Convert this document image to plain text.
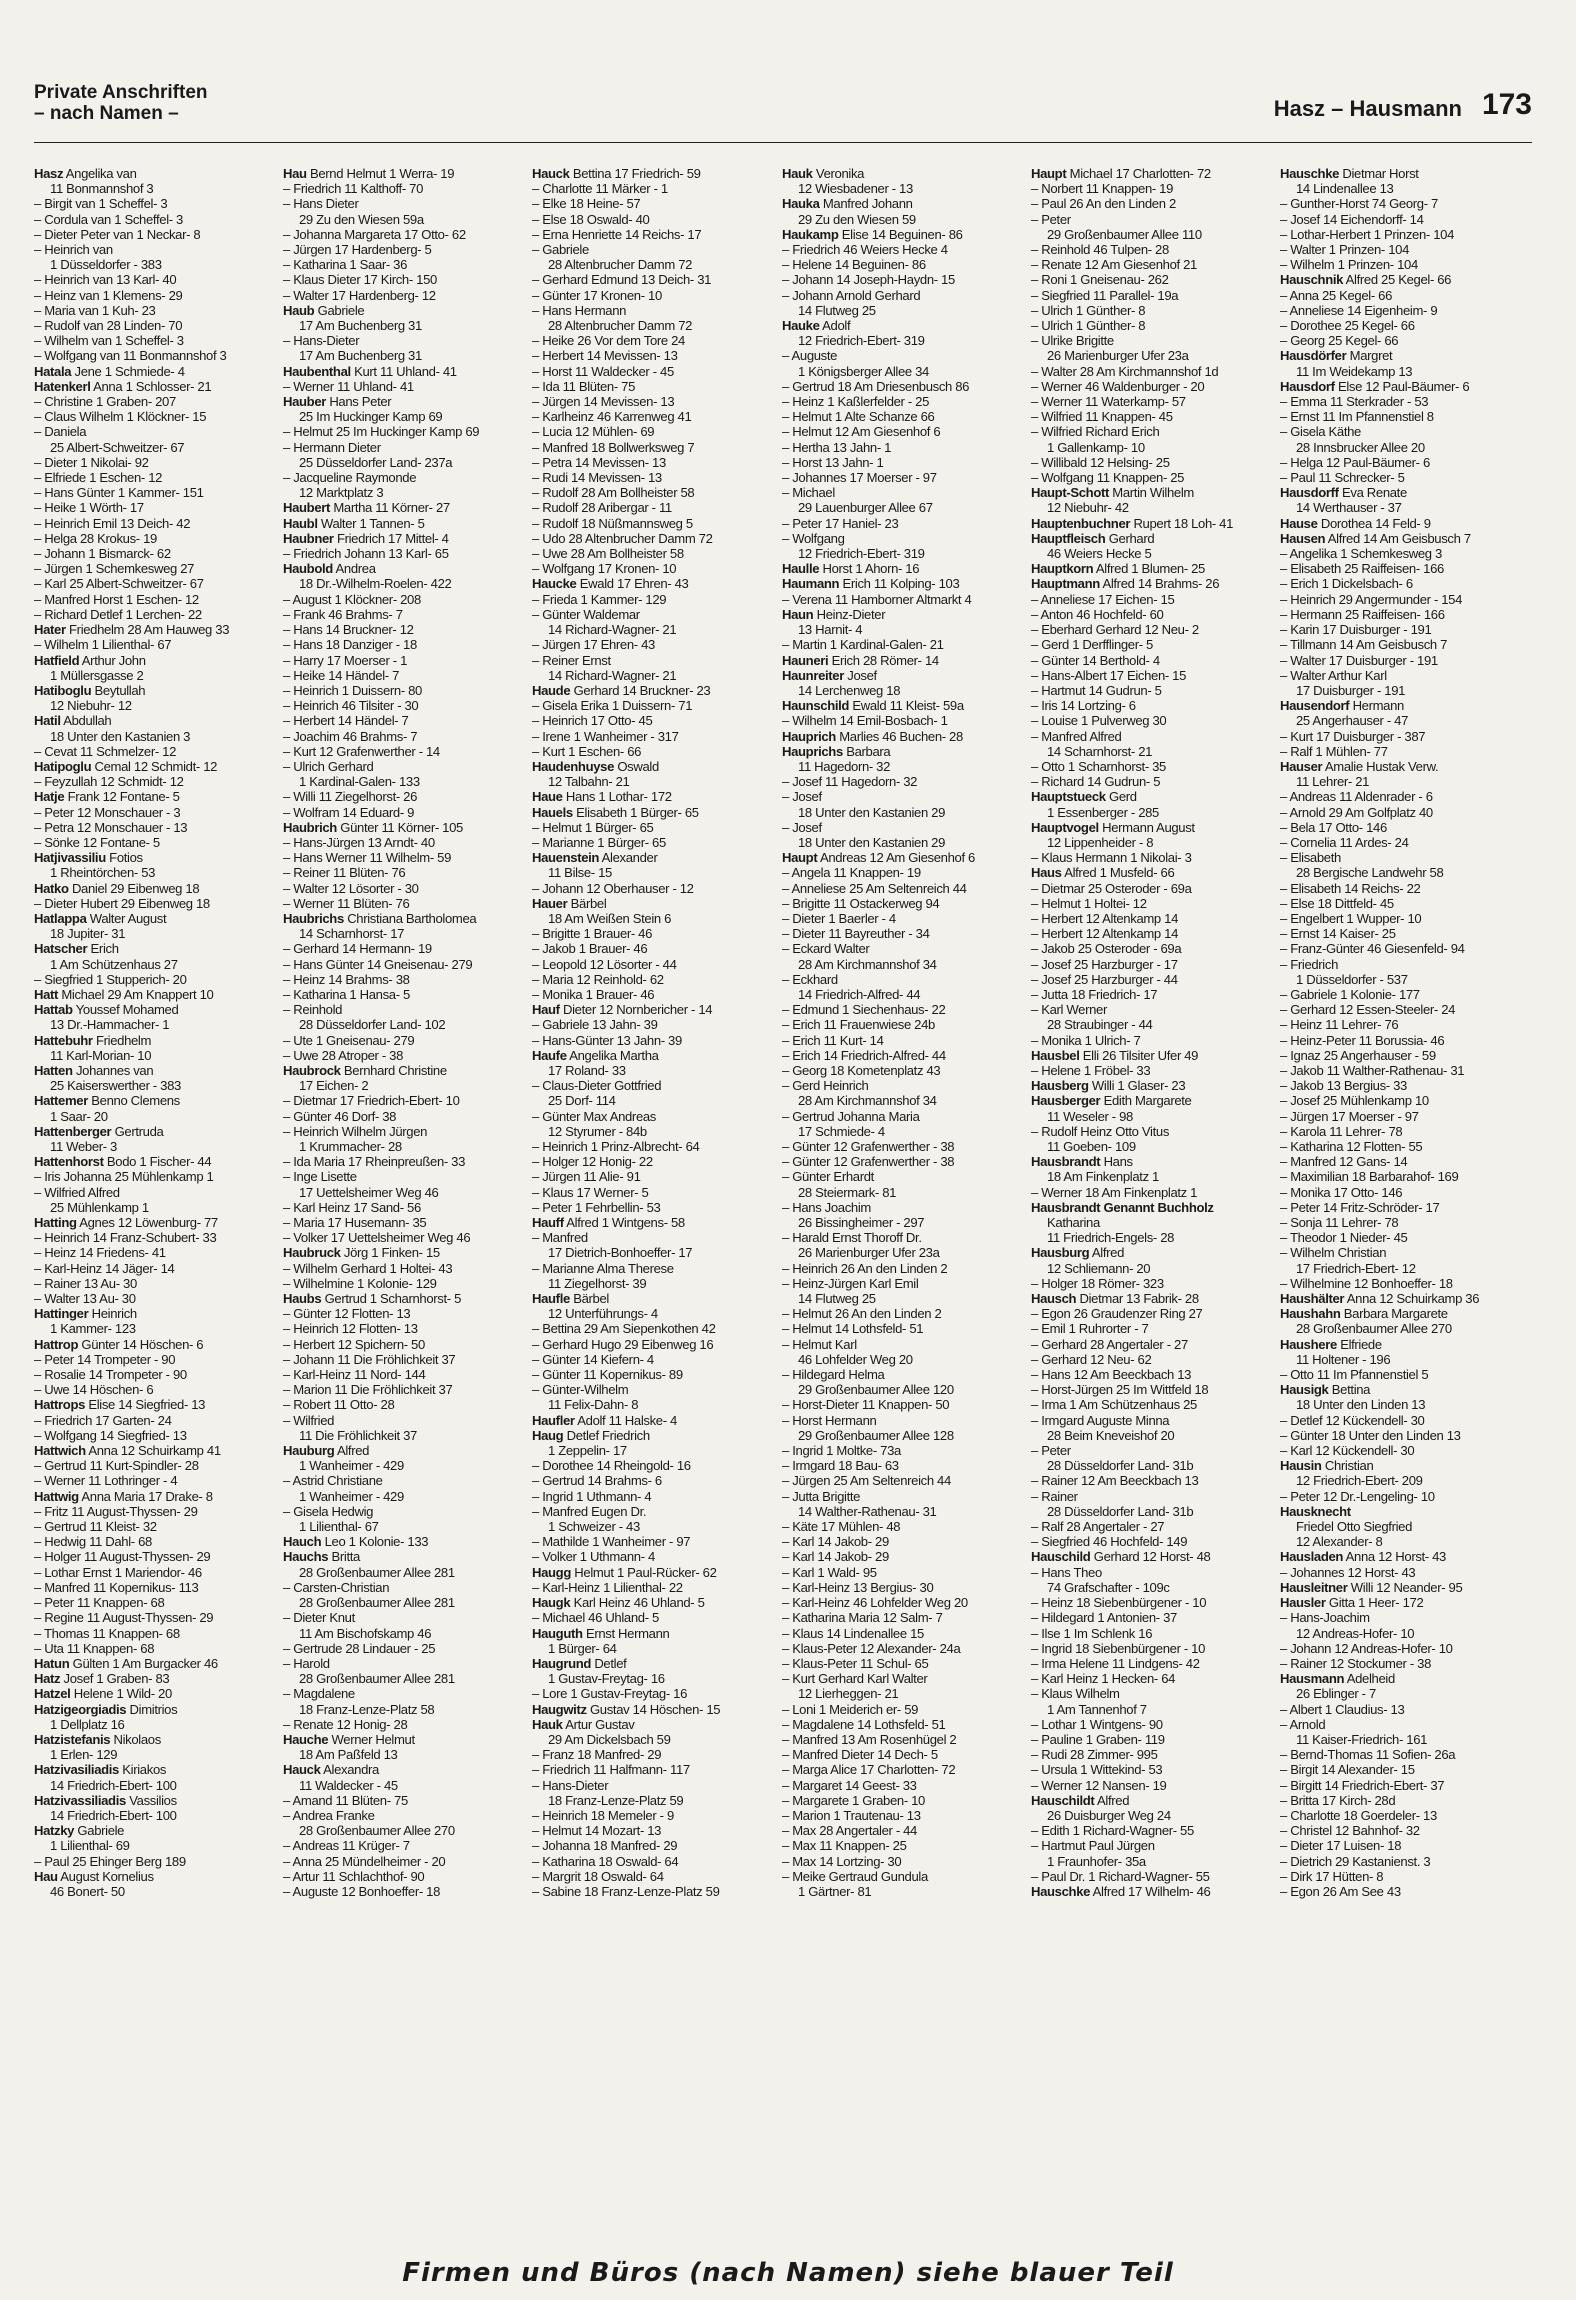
Private Anschriften
– nach Namen –	Hasz – Hausmann 173
Hasz Angelika van
11 Bonmannshof 3
– Birgit van 1 Scheffel- 3
– Cordula van 1 Scheffel- 3
– Dieter Peter van 1 Neckar- 8
– Heinrich van
1 Düsseldorfer - 383
– Heinrich van 13 Karl- 40
– Heinz van 1 Klemens- 29
– Maria van 1 Kuh- 23
– Rudolf van 28 Linden- 70
– Wilhelm van 1 Scheffel- 3
– Wolfgang van 11 Bonmannshof 3
Hatala Jene 1 Schmiede- 4
Hatenkerl Anna 1 Schlosser- 21
– Christine 1 Graben- 207
– Claus Wilhelm 1 Klöckner- 15
– Daniela
25 Albert-Schweitzer- 67
– Dieter 1 Nikolai- 92
– Elfriede 1 Eschen- 12
– Hans Günter 1 Kammer- 151
– Heike 1 Wörth- 17
– Heinrich Emil 13 Deich- 42
– Helga 28 Krokus- 19
– Johann 1 Bismarck- 62
– Jürgen 1 Schemkesweg 27
– Karl 25 Albert-Schweitzer- 67
– Manfred Horst 1 Eschen- 12
– Richard Detlef 1 Lerchen- 22
Hater Friedhelm 28 Am Hauweg 33
– Wilhelm 1 Lilienthal- 67
Hatfield Arthur John
1 Müllersgasse 2
Hatiboglu Beytullah
12 Niebuhr- 12
Hatil Abdullah
18 Unter den Kastanien 3
– Cevat 11 Schmelzer- 12
Hatipoglu Cemal 12 Schmidt- 12
– Feyzullah 12 Schmidt- 12
Hatje Frank 12 Fontane- 5
– Peter 12 Monschauer - 3
– Petra 12 Monschauer - 13
– Sönke 12 Fontane- 5
Hatjivassiliu Fotios
1 Rheintörchen- 53
Hatko Daniel 29 Eibenweg 18
– Dieter Hubert 29 Eibenweg 18
Hatlappa Walter August
18 Jupiter- 31
Hatscher Erich
1 Am Schützenhaus 27
– Siegfried 1 Stupperich- 20
Hatt Michael 29 Am Knappert 10
Hattab Youssef Mohamed
13 Dr.-Hammacher- 1
Hattebuhr Friedhelm
11 Karl-Morian- 10
Hatten Johannes van
25 Kaiserswerther - 383
Hattemer Benno Clemens
1 Saar- 20
Hattenberger Gertruda
11 Weber- 3
Hattenhorst Bodo 1 Fischer- 44
– Iris Johanna 25 Mühlenkamp 1
– Wilfried Alfred
25 Mühlenkamp 1
Hatting Agnes 12 Löwenburg- 77
– Heinrich 14 Franz-Schubert- 33
– Heinz 14 Friedens- 41
– Karl-Heinz 14 Jäger- 14
– Rainer 13 Au- 30
– Walter 13 Au- 30
Hattinger Heinrich
1 Kammer- 123
Hattrop Günter 14 Höschen- 6
– Peter 14 Trompeter - 90
– Rosalie 14 Trompeter - 90
– Uwe 14 Höschen- 6
Hattrops Elise 14 Siegfried- 13
– Friedrich 17 Garten- 24
– Wolfgang 14 Siegfried- 13
Hattwich Anna 12 Schuirkamp 41
– Gertrud 11 Kurt-Spindler- 28
– Werner 11 Lothringer - 4
Hattwig Anna Maria 17 Drake- 8
– Fritz 11 August-Thyssen- 29
– Gertrud 11 Kleist- 32
– Hedwig 11 Dahl- 68
– Holger 11 August-Thyssen- 29
– Lothar Ernst 1 Mariendor- 46
– Manfred 11 Kopernikus- 113
– Peter 11 Knappen- 68
– Regine 11 August-Thyssen- 29
– Thomas 11 Knappen- 68
– Uta 11 Knappen- 68
Hatun Gülten 1 Am Burgacker 46
Hatz Josef 1 Graben- 83
Hatzel Helene 1 Wild- 20
Hatzigeorgiadis Dimitrios
1 Dellplatz 16
Hatzistefanis Nikolaos
1 Erlen- 129
Hatzivasiliadis Kiriakos
14 Friedrich-Ebert- 100
Hatzivassiliadis Vassilios
14 Friedrich-Ebert- 100
Hatzky Gabriele
1 Lilienthal- 69
– Paul 25 Ehinger Berg 189
Hau August Kornelius
46 Bonert- 50
Hau Bernd Helmut 1 Werra- 19
– Friedrich 11 Kalthoff- 70
– Hans Dieter
29 Zu den Wiesen 59a
– Johanna Margareta 17 Otto- 62
– Jürgen 17 Hardenberg- 5
– Katharina 1 Saar- 36
– Klaus Dieter 17 Kirch- 150
– Walter 17 Hardenberg- 12
Haub Gabriele
17 Am Buchenberg 31
– Hans-Dieter
17 Am Buchenberg 31
Haubenthal Kurt 11 Uhland- 41
– Werner 11 Uhland- 41
Hauber Hans Peter
25 Im Huckinger Kamp 69
– Helmut 25 Im Huckinger Kamp 69
– Hermann Dieter
25 Düsseldorfer Land- 237a
– Jacqueline Raymonde
12 Marktplatz 3
Haubert Martha 11 Körner- 27
Haubl Walter 1 Tannen- 5
Haubner Friedrich 17 Mittel- 4
– Friedrich Johann 13 Karl- 65
Haubold Andrea
18 Dr.-Wilhelm-Roelen- 422
– August 1 Klöckner- 208
– Frank 46 Brahms- 7
– Hans 14 Bruckner- 12
– Hans 18 Danziger - 18
– Harry 17 Moerser - 1
– Heike 14 Händel- 7
– Heinrich 1 Duissern- 80
– Heinrich 46 Tilsiter - 30
– Herbert 14 Händel- 7
– Joachim 46 Brahms- 7
– Kurt 12 Grafenwerther - 14
– Ulrich Gerhard
1 Kardinal-Galen- 133
– Willi 11 Ziegelhorst- 26
– Wolfram 14 Eduard- 9
Haubrich Günter 11 Körner- 105
– Hans-Jürgen 13 Arndt- 40
– Hans Werner 11 Wilhelm- 59
– Reiner 11 Blüten- 76
– Walter 12 Lösorter - 30
– Werner 11 Blüten- 76
Haubrichs Christiana Bartholomea
14 Scharnhorst- 17
– Gerhard 14 Hermann- 19
– Hans Günter 14 Gneisenau- 279
– Heinz 14 Brahms- 38
– Katharina 1 Hansa- 5
– Reinhold
28 Düsseldorfer Land- 102
– Ute 1 Gneisenau- 279
– Uwe 28 Atroper - 38
Haubrock Bernhard Christine
17 Eichen- 2
– Dietmar 17 Friedrich-Ebert- 10
– Günter 46 Dorf- 38
– Heinrich Wilhelm Jürgen
1 Krummacher- 28
– Ida Maria 17 Rheinpreußen- 33
– Inge Lisette
17 Uettelsheimer Weg 46
– Karl Heinz 17 Sand- 56
– Maria 17 Husemann- 35
– Volker 17 Uettelsheimer Weg 46
Haubruck Jörg 1 Finken- 15
– Wilhelm Gerhard 1 Holtei- 43
– Wilhelmine 1 Kolonie- 129
Haubs Gertrud 1 Scharnhorst- 5
– Günter 12 Flotten- 13
– Heinrich 12 Flotten- 13
– Herbert 12 Spichern- 50
– Johann 11 Die Fröhlichkeit 37
– Karl-Heinz 11 Nord- 144
– Marion 11 Die Fröhlichkeit 37
– Robert 11 Otto- 28
– Wilfried
11 Die Fröhlichkeit 37
Hauburg Alfred
1 Wanheimer - 429
– Astrid Christiane
1 Wanheimer - 429
– Gisela Hedwig
1 Lilienthal- 67
Hauch Leo 1 Kolonie- 133
Hauchs Britta
28 Großenbaumer Allee 281
– Carsten-Christian
28 Großenbaumer Allee 281
– Dieter Knut
11 Am Bischofskamp 46
– Gertrude 28 Lindauer - 25
– Harold
28 Großenbaumer Allee 281
– Magdalene
18 Franz-Lenze-Platz 58
– Renate 12 Honig- 28
Hauche Werner Helmut
18 Am Paßfeld 13
Hauck Alexandra
11 Waldecker - 45
– Amand 11 Blüten- 75
– Andrea Franke
28 Großenbaumer Allee 270
– Andreas 11 Krüger- 7
– Anna 25 Mündelheimer - 20
– Artur 11 Schlachthof- 90
– Auguste 12 Bonhoeffer- 18
Hauck Bettina 17 Friedrich- 59
– Charlotte 11 Märker - 1
– Elke 18 Heine- 57
– Else 18 Oswald- 40
– Erna Henriette 14 Reichs- 17
– Gabriele
28 Altenbrucher Damm 72
– Gerhard Edmund 13 Deich- 31
– Günter 17 Kronen- 10
– Hans Hermann
28 Altenbrucher Damm 72
– Heike 26 Vor dem Tore 24
– Herbert 14 Mevissen- 13
– Horst 11 Waldecker - 45
– Ida 11 Blüten- 75
– Jürgen 14 Mevissen- 13
– Karlheinz 46 Karrenweg 41
– Lucia 12 Mühlen- 69
– Manfred 18 Bollwerksweg 7
– Petra 14 Mevissen- 13
– Rudi 14 Mevissen- 13
– Rudolf 28 Am Bollheister 58
– Rudolf 28 Aribergar - 11
– Rudolf 18 Nüßmannsweg 5
– Udo 28 Altenbrucher Damm 72
– Uwe 28 Am Bollheister 58
– Wolfgang 17 Kronen- 10
Haucke Ewald 17 Ehren- 43
– Frieda 1 Kammer- 129
– Günter Waldemar
14 Richard-Wagner- 21
– Jürgen 17 Ehren- 43
– Reiner Ernst
14 Richard-Wagner- 21
Haude Gerhard 14 Bruckner- 23
– Gisela Erika 1 Duissern- 71
– Heinrich 17 Otto- 45
– Irene 1 Wanheimer - 317
– Kurt 1 Eschen- 66
Haudenhuyse Oswald
12 Talbahn- 21
Haue Hans 1 Lothar- 172
Hauels Elisabeth 1 Bürger- 65
– Helmut 1 Bürger- 65
– Marianne 1 Bürger- 65
Hauenstein Alexander
11 Bilse- 15
– Johann 12 Oberhauser - 12
Hauer Bärbel
18 Am Weißen Stein 6
– Brigitte 1 Brauer- 46
– Jakob 1 Brauer- 46
– Leopold 12 Lösorter - 44
– Maria 12 Reinhold- 62
– Monika 1 Brauer- 46
Hauf Dieter 12 Nornbericher - 14
– Gabriele 13 Jahn- 39
– Hans-Günter 13 Jahn- 39
Haufe Angelika Martha
17 Roland- 33
– Claus-Dieter Gottfried
25 Dorf- 114
– Günter Max Andreas
12 Styrumer - 84b
– Heinrich 1 Prinz-Albrecht- 64
– Holger 12 Honig- 22
– Jürgen 11 Alie- 91
– Klaus 17 Werner- 5
– Peter 1 Fehrbellin- 53
Hauff Alfred 1 Wintgens- 58
– Manfred
17 Dietrich-Bonhoeffer- 17
– Marianne Alma Therese
11 Ziegelhorst- 39
Haufle Bärbel
12 Unterführungs- 4
– Bettina 29 Am Siepenkothen 42
– Gerhard Hugo 29 Eibenweg 16
– Günter 14 Kiefern- 4
– Günter 11 Kopernikus- 89
– Günter-Wilhelm
11 Felix-Dahn- 8
Haufler Adolf 11 Halske- 4
Haug Detlef Friedrich
1 Zeppelin- 17
– Dorothee 14 Rheingold- 16
– Gertrud 14 Brahms- 6
– Ingrid 1 Uthmann- 4
– Manfred Eugen Dr.
1 Schweizer - 43
– Mathilde 1 Wanheimer - 97
– Volker 1 Uthmann- 4
Haugg Helmut 1 Paul-Rücker- 62
– Karl-Heinz 1 Lilienthal- 22
Haugk Karl Heinz 46 Uhland- 5
– Michael 46 Uhland- 5
Hauguth Ernst Hermann
1 Bürger- 64
Haugrund Detlef
1 Gustav-Freytag- 16
– Lore 1 Gustav-Freytag- 16
Haugwitz Gustav 14 Höschen- 15
Hauk Artur Gustav
29 Am Dickelsbach 59
– Franz 18 Manfred- 29
– Friedrich 11 Halfmann- 117
– Hans-Dieter
18 Franz-Lenze-Platz 59
– Heinrich 18 Memeler - 9
– Helmut 14 Mozart- 13
– Johanna 18 Manfred- 29
– Katharina 18 Oswald- 64
– Margrit 18 Oswald- 64
– Sabine 18 Franz-Lenze-Platz 59
Hauk Veronika
12 Wiesbadener - 13
Hauka Manfred Johann
29 Zu den Wiesen 59
Haukamp Elise 14 Beguinen- 86
– Friedrich 46 Weiers Hecke 4
– Helene 14 Beguinen- 86
– Johann 14 Joseph-Haydn- 15
– Johann Arnold Gerhard
14 Flutweg 25
Hauke Adolf
12 Friedrich-Ebert- 319
– Auguste
1 Königsberger Allee 34
– Gertrud 18 Am Driesenbusch 86
– Heinz 1 Kaßlerfelder - 25
– Helmut 1 Alte Schanze 66
– Helmut 12 Am Giesenhof 6
– Hertha 13 Jahn- 1
– Horst 13 Jahn- 1
– Johannes 17 Moerser - 97
– Michael
29 Lauenburger Allee 67
– Peter 17 Haniel- 23
– Wolfgang
12 Friedrich-Ebert- 319
Haulle Horst 1 Ahorn- 16
Haumann Erich 11 Kolping- 103
– Verena 11 Hamborner Altmarkt 4
Haun Heinz-Dieter
13 Harnit- 4
– Martin 1 Kardinal-Galen- 21
Hauneri Erich 28 Römer- 14
Haunreiter Josef
14 Lerchenweg 18
Haunschild Ewald 11 Kleist- 59a
– Wilhelm 14 Emil-Bosbach- 1
Hauprich Marlies 46 Buchen- 28
Hauprichs Barbara
11 Hagedorn- 32
– Josef 11 Hagedorn- 32
– Josef
18 Unter den Kastanien 29
– Josef
18 Unter den Kastanien 29
Haupt Andreas 12 Am Giesenhof 6
– Angela 11 Knappen- 19
– Anneliese 25 Am Seltenreich 44
– Brigitte 11 Ostackerweg 94
– Dieter 1 Baerler - 4
– Dieter 11 Bayreuther - 34
– Eckard Walter
28 Am Kirchmannshof 34
– Eckhard
14 Friedrich-Alfred- 44
– Edmund 1 Siechenhaus- 22
– Erich 11 Frauenwiese 24b
– Erich 11 Kurt- 14
– Erich 14 Friedrich-Alfred- 44
– Georg 18 Kometenplatz 43
– Gerd Heinrich
28 Am Kirchmannshof 34
– Gertrud Johanna Maria
17 Schmiede- 4
– Günter 12 Grafenwerther - 38
– Günter 12 Grafenwerther - 38
– Günter Erhardt
28 Steiermark- 81
– Hans Joachim
26 Bissingheimer - 297
– Harald Ernst Thoroff Dr.
26 Marienburger Ufer 23a
– Heinrich 26 An den Linden 2
– Heinz-Jürgen Karl Emil
14 Flutweg 25
– Helmut 26 An den Linden 2
– Helmut 14 Lothsfeld- 51
– Helmut Karl
46 Lohfelder Weg 20
– Hildegard Helma
29 Großenbaumer Allee 120
– Horst-Dieter 11 Knappen- 50
– Horst Hermann
29 Großenbaumer Allee 128
– Ingrid 1 Moltke- 73a
– Irmgard 18 Bau- 63
– Jürgen 25 Am Seltenreich 44
– Jutta Brigitte
14 Walther-Rathenau- 31
– Käte 17 Mühlen- 48
– Karl 14 Jakob- 29
– Karl 14 Jakob- 29
– Karl 1 Wald- 95
– Karl-Heinz 13 Bergius- 30
– Karl-Heinz 46 Lohfelder Weg 20
– Katharina Maria 12 Salm- 7
– Klaus 14 Lindenallee 15
– Klaus-Peter 12 Alexander- 24a
– Klaus-Peter 11 Schul- 65
– Kurt Gerhard Karl Walter
12 Lierheggen- 21
– Loni 1 Meiderich er- 59
– Magdalene 14 Lothsfeld- 51
– Manfred 13 Am Rosenhügel 2
– Manfred Dieter 14 Dech- 5
– Marga Alice 17 Charlotten- 72
– Margaret 14 Geest- 33
– Margarete 1 Graben- 10
– Marion 1 Trautenau- 13
– Max 28 Angertaler - 44
– Max 11 Knappen- 25
– Max 14 Lortzing- 30
– Meike Gertraud Gundula
1 Gärtner- 81
Haupt Michael 17 Charlotten- 72
– Norbert 11 Knappen- 19
– Paul 26 An den Linden 2
– Peter
29 Großenbaumer Allee 110
– Reinhold 46 Tulpen- 28
– Renate 12 Am Giesenhof 21
– Roni 1 Gneisenau- 262
– Siegfried 11 Parallel- 19a
– Ulrich 1 Günther- 8
– Ulrich 1 Günther- 8
– Ulrike Brigitte
26 Marienburger Ufer 23a
– Walter 28 Am Kirchmannshof 1d
– Werner 46 Waldenburger - 20
– Werner 11 Waterkamp- 57
– Wilfried 11 Knappen- 45
– Wilfried Richard Erich
1 Gallenkamp- 10
– Willibald 12 Helsing- 25
– Wolfgang 11 Knappen- 25
Haupt-Schott Martin Wilhelm
12 Niebuhr- 42
Hauptenbuchner Rupert 18 Loh- 41
Hauptfleisch Gerhard
46 Weiers Hecke 5
Hauptkorn Alfred 1 Blumen- 25
Hauptmann Alfred 14 Brahms- 26
– Anneliese 17 Eichen- 15
– Anton 46 Hochfeld- 60
– Eberhard Gerhard 12 Neu- 2
– Gerd 1 Derfflinger- 5
– Günter 14 Berthold- 4
– Hans-Albert 17 Eichen- 15
– Hartmut 14 Gudrun- 5
– Iris 14 Lortzing- 6
– Louise 1 Pulverweg 30
– Manfred Alfred
14 Scharnhorst- 21
– Otto 1 Scharnhorst- 35
– Richard 14 Gudrun- 5
Hauptstueck Gerd
1 Essenberger - 285
Hauptvogel Hermann August
12 Lippenheider - 8
– Klaus Hermann 1 Nikolai- 3
Haus Alfred 1 Musfeld- 66
– Dietmar 25 Osteroder - 69a
– Helmut 1 Holtei- 12
– Herbert 12 Altenkamp 14
– Herbert 12 Altenkamp 14
– Jakob 25 Osteroder - 69a
– Josef 25 Harzburger - 17
– Josef 25 Harzburger - 44
– Jutta 18 Friedrich- 17
– Karl Werner
28 Straubinger - 44
– Monika 1 Ulrich- 7
Hausbel Elli 26 Tilsiter Ufer 49
– Helene 1 Fröbel- 33
Hausberg Willi 1 Glaser- 23
Hausberger Edith Margarete
11 Weseler - 98
– Rudolf Heinz Otto Vitus
11 Goeben- 109
Hausbrandt Hans
18 Am Finkenplatz 1
– Werner 18 Am Finkenplatz 1
Hausbrandt Genannt Buchholz
Katharina
11 Friedrich-Engels- 28
Hausburg Alfred
12 Schliemann- 20
– Holger 18 Römer- 323
Hausch Dietmar 13 Fabrik- 28
– Egon 26 Graudenzer Ring 27
– Emil 1 Ruhrorter - 7
– Gerhard 28 Angertaler - 27
– Gerhard 12 Neu- 62
– Hans 12 Am Beeckbach 13
– Horst-Jürgen 25 Im Wittfeld 18
– Irma 1 Am Schützenhaus 25
– Irmgard Auguste Minna
28 Beim Kneveishof 20
– Peter
28 Düsseldorfer Land- 31b
– Rainer 12 Am Beeckbach 13
– Rainer
28 Düsseldorfer Land- 31b
– Ralf 28 Angertaler - 27
– Siegfried 46 Hochfeld- 149
Hauschild Gerhard 12 Horst- 48
– Hans Theo
74 Grafschafter - 109c
– Heinz 18 Siebenbürgener - 10
– Hildegard 1 Antonien- 37
– Ilse 1 Im Schlenk 16
– Ingrid 18 Siebenbürgener - 10
– Irma Helene 11 Lindgens- 42
– Karl Heinz 1 Hecken- 64
– Klaus Wilhelm
1 Am Tannenhof 7
– Lothar 1 Wintgens- 90
– Pauline 1 Graben- 119
– Rudi 28 Zimmer- 995
– Ursula 1 Wittekind- 53
– Werner 12 Nansen- 19
Hauschildt Alfred
26 Duisburger Weg 24
– Edith 1 Richard-Wagner- 55
– Hartmut Paul Jürgen
1 Fraunhofer- 35a
– Paul Dr. 1 Richard-Wagner- 55
Hauschke Alfred 17 Wilhelm- 46
Hauschke Dietmar Horst
14 Lindenallee 13
– Gunther-Horst 74 Georg- 7
– Josef 14 Eichendorff- 14
– Lothar-Herbert 1 Prinzen- 104
– Walter 1 Prinzen- 104
– Wilhelm 1 Prinzen- 104
Hauschnik Alfred 25 Kegel- 66
– Anna 25 Kegel- 66
– Anneliese 14 Eigenheim- 9
– Dorothee 25 Kegel- 66
– Georg 25 Kegel- 66
Hausdörfer Margret
11 Im Weidekamp 13
Hausdorf Else 12 Paul-Bäumer- 6
– Emma 11 Sterkrader - 53
– Ernst 11 Im Pfannenstiel 8
– Gisela Käthe
28 Innsbrucker Allee 20
– Helga 12 Paul-Bäumer- 6
– Paul 11 Schrecker- 5
Hausdorff Eva Renate
14 Werthauser - 37
Hause Dorothea 14 Feld- 9
Hausen Alfred 14 Am Geisbusch 7
– Angelika 1 Schemkesweg 3
– Elisabeth 25 Raiffeisen- 166
– Erich 1 Dickelsbach- 6
– Heinrich 29 Angermunder - 154
– Hermann 25 Raiffeisen- 166
– Karin 17 Duisburger - 191
– Tillmann 14 Am Geisbusch 7
– Walter 17 Duisburger - 191
– Walter Arthur Karl
17 Duisburger - 191
Hausendorf Hermann
25 Angerhauser - 47
– Kurt 17 Duisburger - 387
– Ralf 1 Mühlen- 77
Hauser Amalie Hustak Verw.
11 Lehrer- 21
– Andreas 11 Aldenrader - 6
– Arnold 29 Am Golfplatz 40
– Bela 17 Otto- 146
– Cornelia 11 Ardes- 24
– Elisabeth
28 Bergische Landwehr 58
– Elisabeth 14 Reichs- 22
– Else 18 Dittfeld- 45
– Engelbert 1 Wupper- 10
– Ernst 14 Kaiser- 25
– Franz-Günter 46 Giesenfeld- 94
– Friedrich
1 Düsseldorfer - 537
– Gabriele 1 Kolonie- 177
– Gerhard 12 Essen-Steeler- 24
– Heinz 11 Lehrer- 76
– Heinz-Peter 11 Borussia- 46
– Ignaz 25 Angerhauser - 59
– Jakob 11 Walther-Rathenau- 31
– Jakob 13 Bergius- 33
– Josef 25 Mühlenkamp 10
– Jürgen 17 Moerser - 97
– Karola 11 Lehrer- 78
– Katharina 12 Flotten- 55
– Manfred 12 Gans- 14
– Maximilian 18 Barbarahof- 169
– Monika 17 Otto- 146
– Peter 14 Fritz-Schröder- 17
– Sonja 11 Lehrer- 78
– Theodor 1 Nieder- 45
– Wilhelm Christian
17 Friedrich-Ebert- 12
– Wilhelmine 12 Bonhoeffer- 18
Haushälter Anna 12 Schuirkamp 36
Haushahn Barbara Margarete
28 Großenbaumer Allee 270
Haushere Elfriede
11 Holtener - 196
– Otto 11 Im Pfannenstiel 5
Hausigk Bettina
18 Unter den Linden 13
– Detlef 12 Kückendell- 30
– Günter 18 Unter den Linden 13
– Karl 12 Kückendell- 30
Hausin Christian
12 Friedrich-Ebert- 209
– Peter 12 Dr.-Lengeling- 10
Hausknecht
Friedel Otto Siegfried
12 Alexander- 8
Hausladen Anna 12 Horst- 43
– Johannes 12 Horst- 43
Hausleitner Willi 12 Neander- 95
Hausler Gitta 1 Heer- 172
– Hans-Joachim
12 Andreas-Hofer- 10
– Johann 12 Andreas-Hofer- 10
– Rainer 12 Stockumer - 38
Hausmann Adelheid
26 Eblinger - 7
– Albert 1 Claudius- 13
– Arnold
11 Kaiser-Friedrich- 161
– Bernd-Thomas 11 Sofien- 26a
– Birgit 14 Alexander- 15
– Birgitt 14 Friedrich-Ebert- 37
– Britta 17 Kirch- 28d
– Charlotte 18 Goerdeler- 13
– Christel 12 Bahnhof- 32
– Dieter 17 Luisen- 18
– Dietrich 29 Kastanienst. 3
– Dirk 17 Hütten- 8
– Egon 26 Am See 43
Firmen und Büros (nach Namen) siehe blauer Teil
